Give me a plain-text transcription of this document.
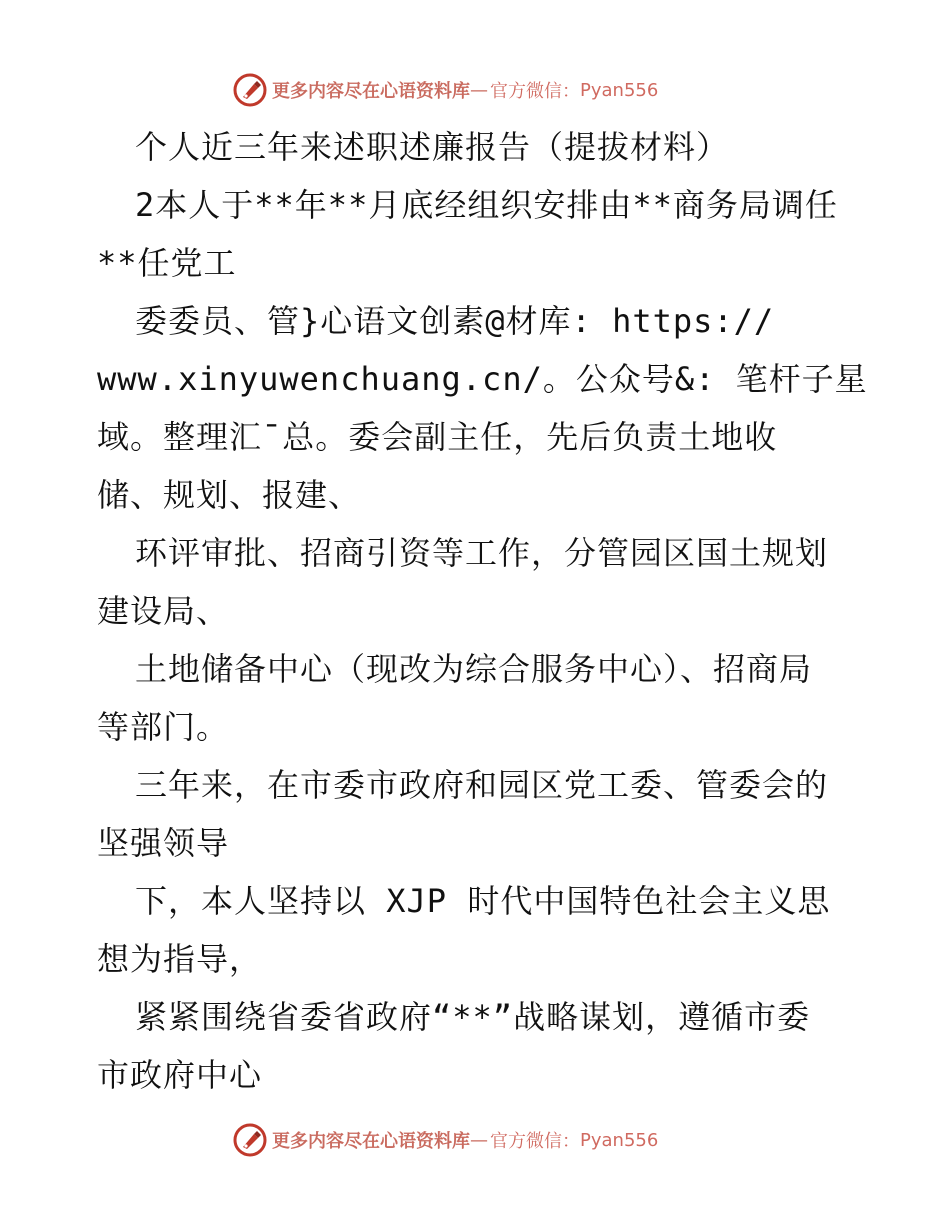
更多内容尽在心语资料库 — 官方微信： Pyan556
个人近三年来述职述廉报告（提拔材料）
2本人于**年**月底经组织安排由**商务局调任
**任党工
委委员、管}心语文创素@材库: https://
www.xinyuwenchuang.cn/。公众号&: 笔杆子星
域。整理汇¯总。委会副主任，先后负责土地收
储、规划、报建、
环评审批、招商引资等工作，分管园区国土规划
建设局、
土地储备中心（现改为综合服务中心）、招商局
等部门。
三年来，在市委市政府和园区党工委、管委会的
坚强领导
下，本人坚持以 XJP 时代中国特色社会主义思
想为指导，
紧紧围绕省委省政府“**”战略谋划，遵循市委
市政府中心
更多内容尽在心语资料库 — 官方微信： Pyan556
